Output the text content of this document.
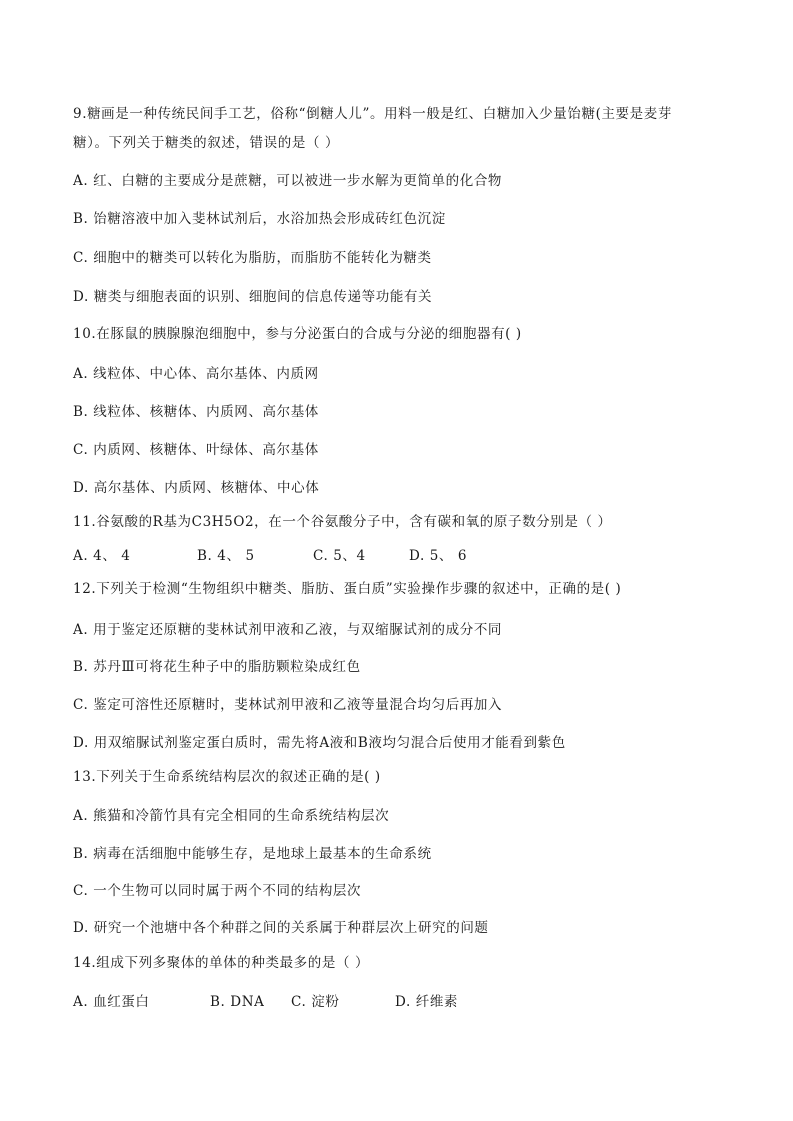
9.糖画是一种传统民间手工艺，俗称“倒糖人儿”。用料一般是红、白糖加入少量饴糖(主要是麦芽
糖）。下列关于糖类的叙述，错误的是（ ）
A. 红、白糖的主要成分是蔗糖，可以被进一步水解为更简单的化合物
B. 饴糖溶液中加入斐林试剂后，水浴加热会形成砖红色沉淀
C. 细胞中的糖类可以转化为脂肪，而脂肪不能转化为糖类
D. 糖类与细胞表面的识别、细胞间的信息传递等功能有关
10.在豚鼠的胰腺腺泡细胞中，参与分泌蛋白的合成与分泌的细胞器有( )
A. 线粒体、中心体、高尔基体、内质网
B. 线粒体、核糖体、内质网、高尔基体
C. 内质网、核糖体、叶绿体、高尔基体
D. 高尔基体、内质网、核糖体、中心体
11.谷氨酸的R基为C3H5O2，在一个谷氨酸分子中，含有碳和氧的原子数分别是（ ）
A. 4、 4	B. 4、 5	C. 5、4	D. 5、 6
12.下列关于检测“生物组织中糖类、脂肪、蛋白质”实验操作步骤的叙述中，正确的是( )
A. 用于鉴定还原糖的斐林试剂甲液和乙液，与双缩脲试剂的成分不同
B. 苏丹Ⅲ可将花生种子中的脂肪颗粒染成红色
C. 鉴定可溶性还原糖时，斐林试剂甲液和乙液等量混合均匀后再加入
D. 用双缩脲试剂鉴定蛋白质时，需先将A液和B液均匀混合后使用才能看到紫色
13.下列关于生命系统结构层次的叙述正确的是( )
A. 熊猫和冷箭竹具有完全相同的生命系统结构层次
B. 病毒在活细胞中能够生存，是地球上最基本的生命系统
C. 一个生物可以同时属于两个不同的结构层次
D. 研究一个池塘中各个种群之间的关系属于种群层次上研究的问题
14.组成下列多聚体的单体的种类最多的是（ ）
A. 血红蛋白	B. DNA C. 淀粉	D. 纤维素
